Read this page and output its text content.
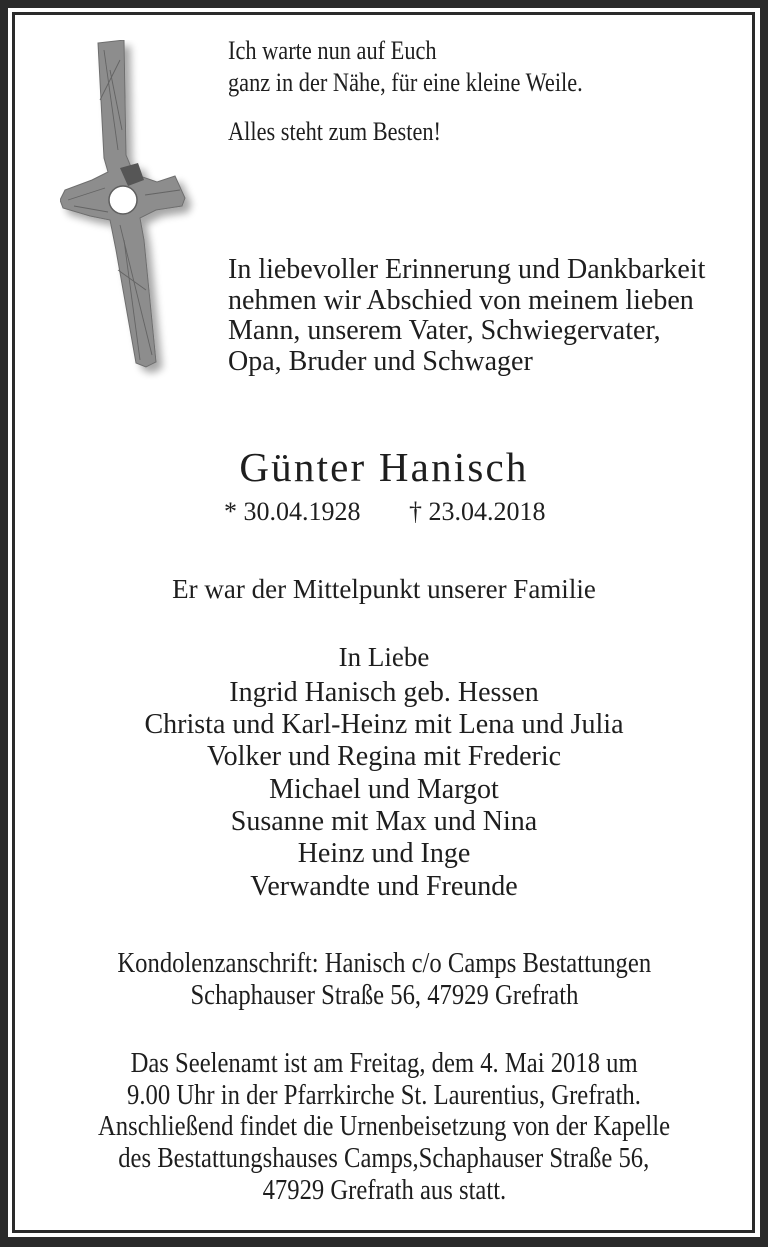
Ich warte nun auf Euch
ganz in der Nähe, für eine kleine Weile.
Alles steht zum Besten!
In liebevoller Erinnerung und Dankbarkeit
nehmen wir Abschied von meinem lieben
Mann, unserem Vater, Schwiegervater,
Opa, Bruder und Schwager
Günter Hanisch
* 30.04.1928 † 23.04.2018
Er war der Mittelpunkt unserer Familie
In Liebe
Ingrid Hanisch geb. Hessen
Christa und Karl-Heinz mit Lena und Julia
Volker und Regina mit Frederic
Michael und Margot
Susanne mit Max und Nina
Heinz und Inge
Verwandte und Freunde
Kondolenzanschrift: Hanisch c/o Camps Bestattungen
Schaphauser Straße 56, 47929 Grefrath
Das Seelenamt ist am Freitag, dem 4. Mai 2018 um
9.00 Uhr in der Pfarrkirche St. Laurentius, Grefrath.
Anschließend findet die Urnenbeisetzung von der Kapelle
des Bestattungshauses Camps,Schaphauser Straße 56,
47929 Grefrath aus statt.
